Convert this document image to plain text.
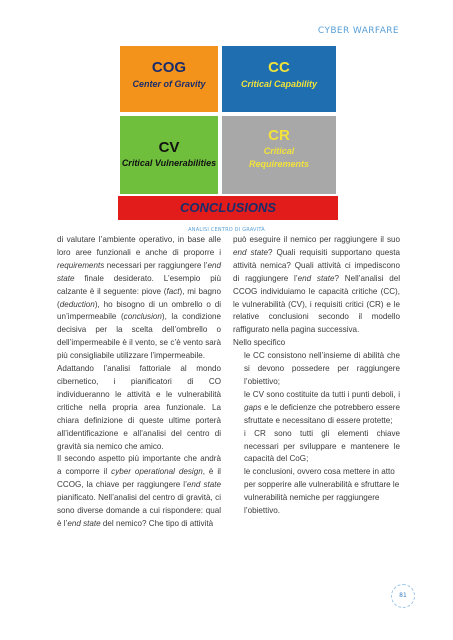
CYBER WARFARE
COG
Center of Gravity
CC
Critical Capability
CV
Critical Vulnerabilities
CR
Critical
Requirements
CONCLUSIONS
ANALISI CENTRO DI GRAVITÀ

di valutare l’ambiente operativo, in base alle loro aree funzionali e anche di proporre i requirements necessari per raggiungere l’end state finale desiderato. L’esempio più calzante è il seguente: piove (fact), mi bagno (deduction), ho bisogno di un ombrello o di un’impermeabile (conclusion), la condizione decisiva per la scelta dell’ombrello o dell’impermeabile è il vento, se c’è vento sarà più consigliabile utilizzare l’impermeabile.

Adattando l’analisi fattoriale al mondo cibernetico, i pianificatori di CO individueranno le attività e le vulnerabilità critiche nella propria area funzionale. La chiara definizione di queste ultime porterà all’identificazione e all’analisi del centro di gravità sia nemico che amico.

Il secondo aspetto più importante che andrà a comporre il cyber operational design, è il CCOG, la chiave per raggiungere l’end state pianificato. Nell’analisi del centro di gravità, ci sono diverse domande a cui rispondere: qual è l’end state del nemico? Che tipo di attività

può eseguire il nemico per raggiungere il suo end state? Quali requisiti supportano questa attività nemica? Quali attività ci impediscono di raggiungere l’end state? Nell’analisi del CCOG individuiamo le capacità critiche (CC), le vulnerabilità (CV), i requisiti critici (CR) e le relative conclusioni secondo il modello raffigurato nella pagina successiva.

Nello specifico

le CC consistono nell’insieme di abilità che si devono possedere per raggiungere l’obiettivo;

le CV sono costituite da tutti i punti deboli, i gaps e le deficienze che potrebbero essere sfruttate e necessitano di essere protette;

i CR sono tutti gli elementi chiave necessari per sviluppare e mantenere le capacità del CoG;

le conclusioni, ovvero cosa mettere in atto per sopperire alle vulnerabilità e sfruttare le vulnerabilità nemiche per raggiungere l’obiettivo.

81
